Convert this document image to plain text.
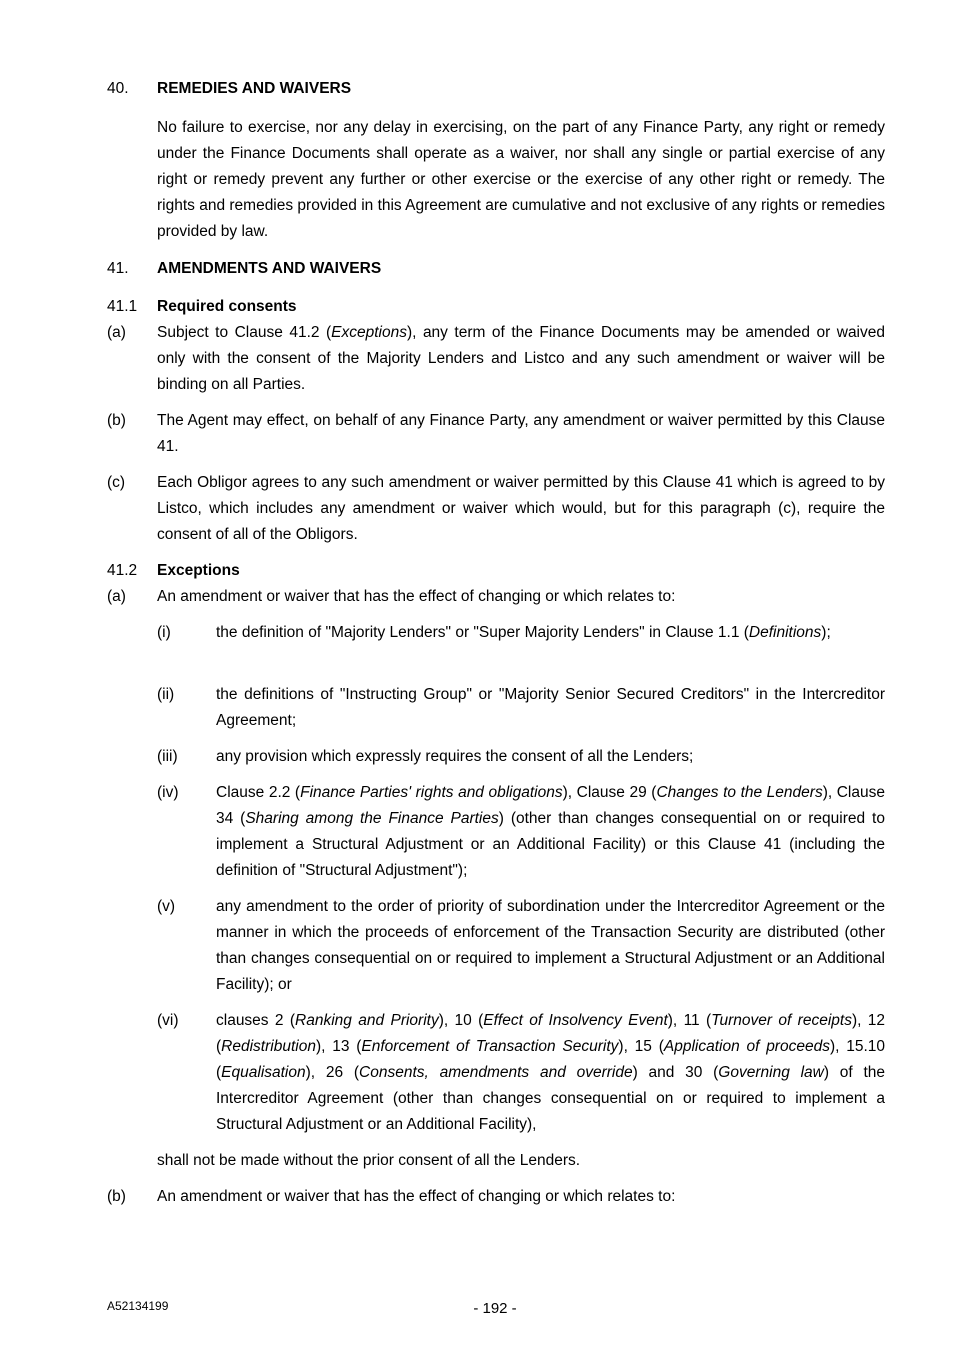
40. REMEDIES AND WAIVERS

No failure to exercise, nor any delay in exercising, on the part of any Finance Party, any right or remedy under the Finance Documents shall operate as a waiver, nor shall any single or partial exercise of any right or remedy prevent any further or other exercise or the exercise of any other right or remedy. The rights and remedies provided in this Agreement are cumulative and not exclusive of any rights or remedies provided by law.

41. AMENDMENTS AND WAIVERS
41.1 Required consents
(a) Subject to Clause 41.2 (Exceptions), any term of the Finance Documents may be amended or waived only with the consent of the Majority Lenders and Listco and any such amendment or waiver will be binding on all Parties.

(b) The Agent may effect, on behalf of any Finance Party, any amendment or waiver permitted by this Clause 41.

(c) Each Obligor agrees to any such amendment or waiver permitted by this Clause 41 which is agreed to by Listco, which includes any amendment or waiver which would, but for this paragraph (c), require the consent of all of the Obligors.

41.2 Exceptions
(a) An amendment or waiver that has the effect of changing or which relates to:

(i)	the definition of "Majority Lenders" or "Super Majority Lenders" in Clause 1.1 (Definitions);

(ii)	the definitions of "Instructing Group" or "Majority Senior Secured Creditors" in the Intercreditor Agreement;

(iii) any provision which expressly requires the consent of all the Lenders;

(iv) Clause 2.2 (Finance Parties' rights and obligations), Clause 29 (Changes to the Lenders), Clause 34 (Sharing among the Finance Parties) (other than changes consequential on or required to implement a Structural Adjustment or an Additional Facility) or this Clause 41 (including the definition of "Structural Adjustment");

(v)	any amendment to the order of priority of subordination under the Intercreditor Agreement or the manner in which the proceeds of enforcement of the Transaction Security are distributed (other than changes consequential on or required to implement a Structural Adjustment or an Additional Facility); or

(vi) clauses 2 (Ranking and Priority), 10 (Effect of Insolvency Event), 11 (Turnover of receipts), 12 (Redistribution), 13 (Enforcement of Transaction Security), 15 (Application of proceeds), 15.10 (Equalisation), 26 (Consents, amendments and override) and 30 (Governing law) of the Intercreditor Agreement (other than changes consequential on or required to implement a Structural Adjustment or an Additional Facility),

shall not be made without the prior consent of all the Lenders.

(b) An amendment or waiver that has the effect of changing or which relates to:

A52134199	- 192 -
